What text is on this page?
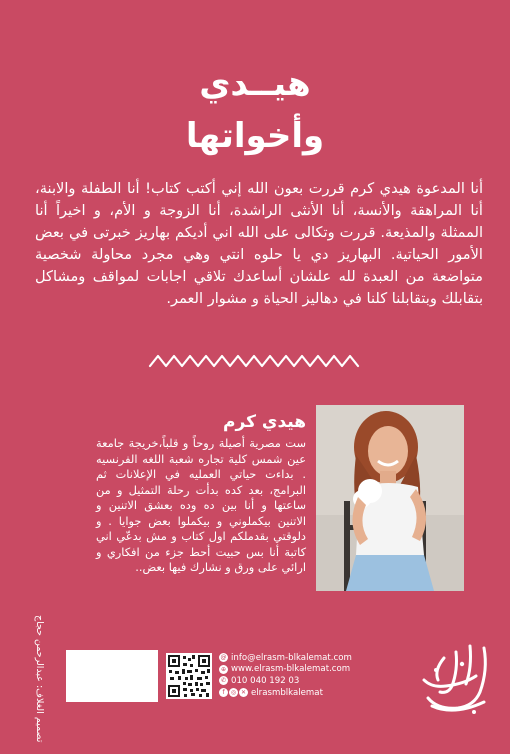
هيــدي
وأخواتها
أنا المدعوة هيدي كرم قررت بعون الله إني أكتب كتاب! أنا الطفلة والابنة، أنا المراهقة والأنسة، أنا الأنثى الراشدة، أنا الزوجة و الأم، و اخيراً أنا الممثلة والمذيعة. قررت وتكالى على الله اني أديكم بهاريز خبرتى في بعض الأمور الحياتية. البهاريز دي يا حلوه انتي وهي مجرد محاولة شخصية متواضعة من العبدة لله علشان أساعدك تلاقي اجابات لمواقف ومشاكل بتقابلك وبتقابلنا كلنا في دهاليز الحياة و مشوار العمر.
هيدي كرم
ست مصرية أصيلة روحاً و قلباً،خريجة جامعة عين شمس كلية تجاره شعبة اللغه الفرنسيه . بداءت حياتي العمليه في الإعلانات ثم البرامج، بعد كده بدأت رحلة التمثيل و من ساعتها و أنا بين ده وده بعشق الاتنين و الاتنين بيكملوني و بيكملوا بعض جوايا . و دلوقتي بقدملكم اول كتاب و مش بدعّي اني كاتبة أنا بس حبيت أحط جزء من افكاري و ارائي على ورق و نشارك فيها بعض..
@ info@elrasm-blkalemat.com
⊕ www.elrasm-blkalemat.com
✆ 010 040 192 03
f	◎ ✕ elrasmblkalemat
تصميم الغلاف: عبدالرحمن حجاج
